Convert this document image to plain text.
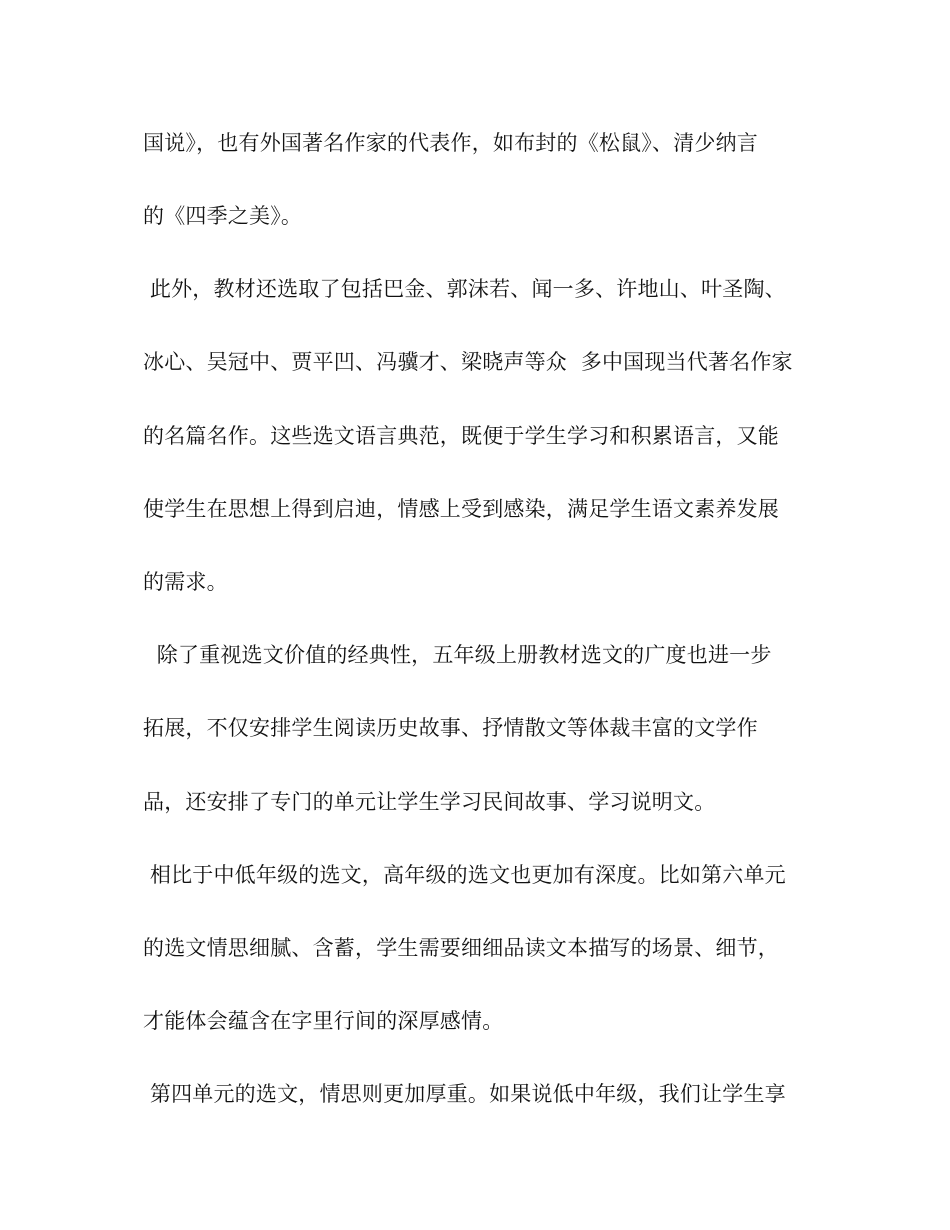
国说》，也有外国著名作家的代表作，如布封的《松鼠》、清少纳言
的《四季之美》。
此外，教材还选取了包括巴金、郭沫若、闻一多、许地山、叶圣陶、
冰心、吴冠中、贾平凹、冯骥才、梁晓声等众  多中国现当代著名作家
的名篇名作。这些选文语言典范，既便于学生学习和积累语言，又能
使学生在思想上得到启迪，情感上受到感染，满足学生语文素养发展
的需求。
除了重视选文价值的经典性，五年级上册教材选文的广度也进一步
拓展，不仅安排学生阅读历史故事、抒情散文等体裁丰富的文学作
品，还安排了专门的单元让学生学习民间故事、学习说明文。
相比于中低年级的选文，高年级的选文也更加有深度。比如第六单元
的选文情思细腻、含蓄，学生需要细细品读文本描写的场景、细节，
才能体会蕴含在字里行间的深厚感情。
第四单元的选文，情思则更加厚重。如果说低中年级，我们让学生享
